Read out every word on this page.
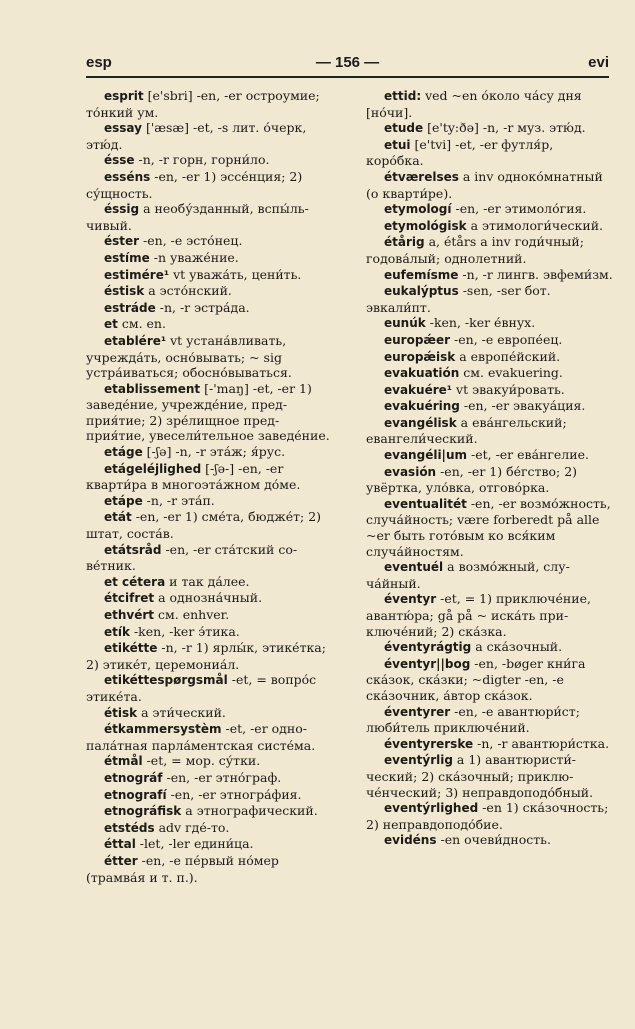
esp	— 156 —	evi

esprit [e'sbri] -en, -er остроумие; то́нкий ум.

essay ['æsæ] -et, -s лит. о́черк, этю́д.

ésse -n, -r горн, горни́ло.

esséns -en, -er 1) эссе́нция; 2) су́щность.

éssig a необу́зданный, вспы́льчивый.

éster -en, -e эсто́нец.

estíme -n уваже́ние.

estimére¹ vt уважа́ть, цени́ть.

éstisk a эсто́нский.

estráde -n, -r эстра́да.

et см. en.

etablére¹ vt устана́вливать, учрежда́ть, осно́вывать; ~ sig устра́иваться; обосно́вываться.

etablissement [-'maŋ] -et, -er 1) заведе́ние, учрежде́ние, предприя́тие; 2) зре́лищное предприя́тие, увесели́тельное заведе́ние.

etáge [-ʃə] -n, -r эта́ж; я́рус.

etágeléjlighed [-ʃə-] -en, -er кварти́ра в многоэта́жном до́ме.

etápe -n, -r эта́п.

etát -en, -er 1) сме́та, бюдже́т; 2) штат, соста́в.

etátsråd -en, -er ста́тский сове́тник.

et cétera и так да́лее.

étcifret a однозна́чный.

ethvért см. enhver.

etík -ken, -ker э́тика.

etikétte -n, -r 1) ярлы́к, этике́тка; 2) этике́т, церемониа́л.

etikéttespørgsmål -et, = вопро́с этике́та.

étisk a эти́ческий.

étkammersystèm -et, -er однопала́тная парла́ментская систе́ма.

étmål -et, = мор. су́тки.

etnográf -en, -er этно́граф.

etnografí -en, -er этногра́фия.

etnográfisk a этнографический.

etstéds adv где́-то.

éttal -let, -ler едини́ца.

étter -en, -e пе́рвый но́мер (трамва́я и т. п.).

ettid: ved ~en о́коло ча́су дня [но́чи].

etude [e'ty:ðə] -n, -r муз. этю́д.

etui [e'tvi] -et, -er футля́р, коро́бка.

étværelses a inv однoко́мнатный (о кварти́ре).

etymologí -en, -er этимоло́гия.

etymológisk a этимологи́ческий.

étårig a, étårs a inv годи́чный; годова́лый; однолeтний.

eufemísme -n, -r лингв. эвфеми́зм.

eukalýptus -sen, -ser бот. эвкали́пт.

eunúk -ken, -ker е́внух.

europǽer -en, -e европе́ец.

europǽisk a европе́йский.

evakuatión см. evakuering.

evakuére¹ vt эвакуи́ровать.

evakuéring -en, -er эвакуа́ция.

evangélisk a ева́нгельский; евангели́ческий.

evangéli|um -et, -er ева́нгелие.

evasión -en, -er 1) бе́гство; 2) увёртка, уло́вка, отгово́рка.

eventualitét -en, -er возмо́жность, случа́йность; være forberedt på alle ~er быть гото́вым ко вся́ким случа́йностям.

eventuél a возмо́жный, случа́йный.

éventyr -et, = 1) приключе́ние, авантю́ра; gå på ~ иска́ть приключе́ний; 2) ска́зка.

éventyrágtig a ска́зочный.

éventyr||bog -en, -bøger кни́га ска́зок, ска́зки; ~digter -en, -e ска́зочник, а́втор ска́зок.

éventyrer -en, -e авантюри́ст; люби́тель приключе́ний.

éventyrerske -n, -r авантюри́стка.

eventýrlig a 1) авантюристи́ческий; 2) ска́зочный; приключе́нческий; 3) неправдоподо́бный.

eventýrlighed -en 1) ска́зочность; 2) неправдоподо́бие.

evidéns -en очеви́дность.
